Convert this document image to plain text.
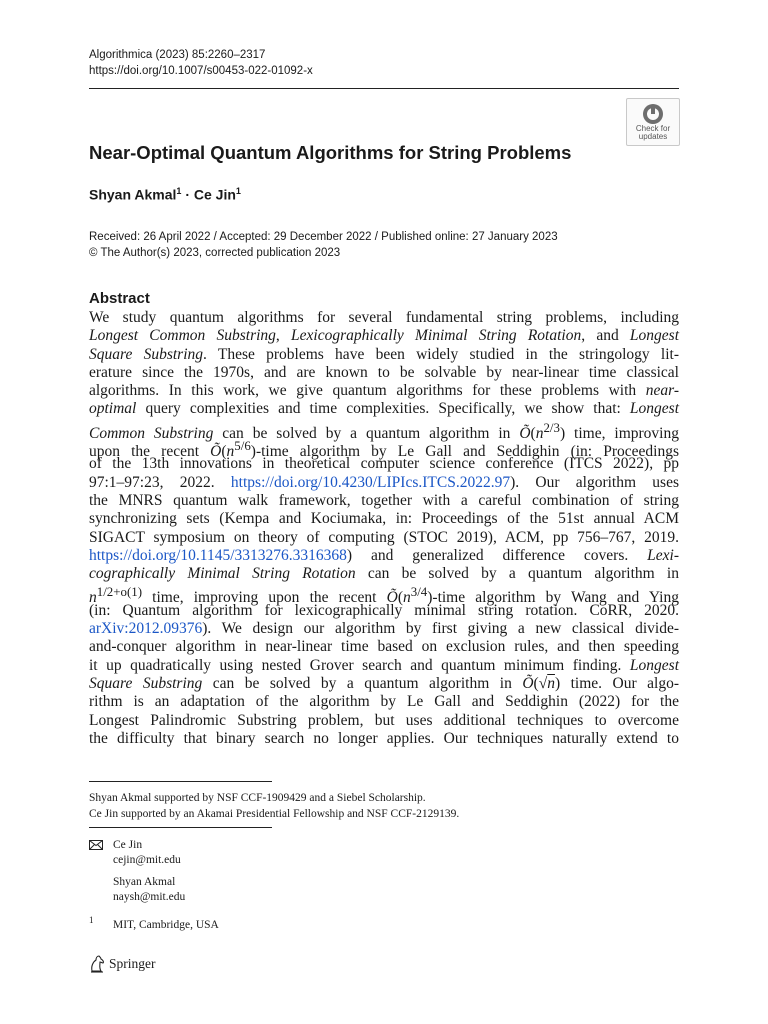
Algorithmica (2023) 85:2260–2317
https://doi.org/10.1007/s00453-022-01092-x
Check for
updates
Near-Optimal Quantum Algorithms for String Problems
Shyan Akmal$^1$ · Ce Jin$^1$
Received: 26 April 2022 / Accepted: 29 December 2022 / Published online: 27 January 2023
© The Author(s) 2023, corrected publication 2023
Abstract
We study quantum algorithms for several fundamental string problems, including
Longest Common Substring, Lexicographically Minimal String Rotation, and Longest
Square Substring. These problems have been widely studied in the stringology lit-
erature since the 1970s, and are known to be solvable by near-linear time classical
algorithms. In this work, we give quantum algorithms for these problems with near-
optimal query complexities and time complexities. Specifically, we show that: Longest
Common Substring can be solved by a quantum algorithm in $Õ(n^{2/3})$ time, improving
upon the recent $Õ(n^{5/6})$-time algorithm by Le Gall and Seddighin (in: Proceedings
of the 13th innovations in theoretical computer science conference (ITCS 2022), pp
97:1–97:23, 2022. https://doi.org/10.4230/LIPIcs.ITCS.2022.97). Our algorithm uses
the MNRS quantum walk framework, together with a careful combination of string
synchronizing sets (Kempa and Kociumaka, in: Proceedings of the 51st annual ACM
SIGACT symposium on theory of computing (STOC 2019), ACM, pp 756–767, 2019.
https://doi.org/10.1145/3313276.3316368) and generalized difference covers. Lexi-
cographically Minimal String Rotation can be solved by a quantum algorithm in
$n^{1/2+o(1)}$ time, improving upon the recent $Õ(n^{3/4})$-time algorithm by Wang and Ying
(in: Quantum algorithm for lexicographically minimal string rotation. CoRR, 2020.
arXiv:2012.09376). We design our algorithm by first giving a new classical divide-
and-conquer algorithm in near-linear time based on exclusion rules, and then speeding
it up quadratically using nested Grover search and quantum minimum finding. Longest
Square Substring can be solved by a quantum algorithm in Õ(√n) time. Our algo-
rithm is an adaptation of the algorithm by Le Gall and Seddighin (2022) for the
Longest Palindromic Substring problem, but uses additional techniques to overcome
the difficulty that binary search no longer applies. Our techniques naturally extend to
Shyan Akmal supported by NSF CCF-1909429 and a Siebel Scholarship.
Ce Jin supported by an Akamai Presidential Fellowship and NSF CCF-2129139.
Ce Jin
cejin@mit.edu
Shyan Akmal
naysh@mit.edu
1 MIT, Cambridge, USA
Springer
